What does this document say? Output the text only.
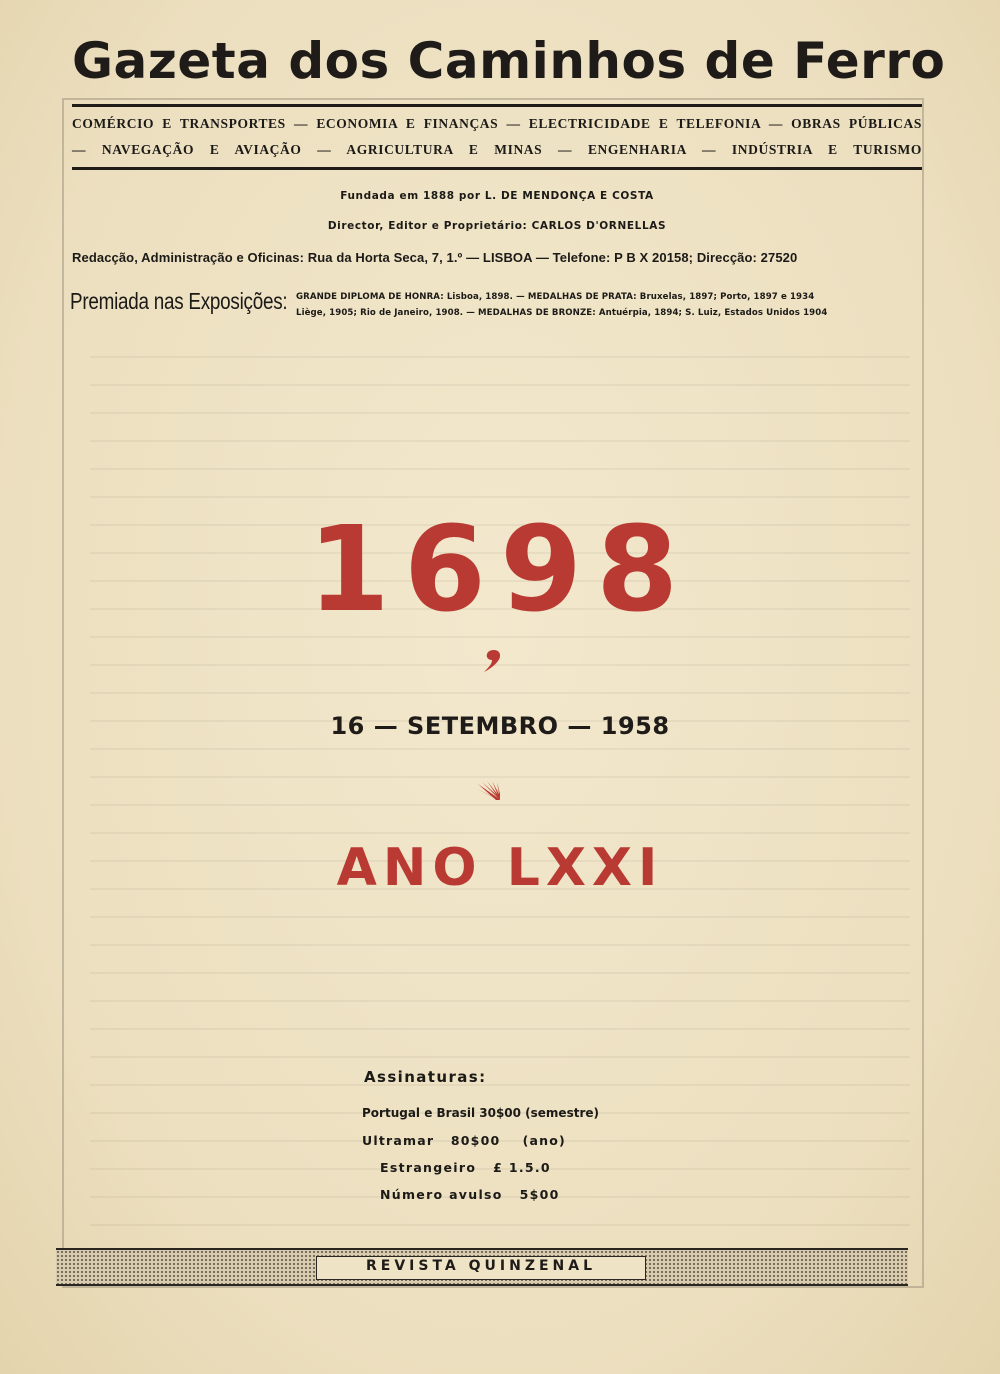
Gazeta dos Caminhos de Ferro
COMÉRCIO E TRANSPORTES — ECONOMIA E FINANÇAS — ELECTRICIDADE E TELEFONIA — OBRAS PÚBLICAS
— NAVEGAÇÃO E AVIAÇÃO — AGRICULTURA E MINAS — ENGENHARIA — INDÚSTRIA E TURISMO
Fundada em 1888 por L. DE MENDONÇA E COSTA
Director, Editor e Proprietário: CARLOS D'ORNELLAS
Redacção, Administração e Oficinas: Rua da Horta Seca, 7, 1.º — LISBOA — Telefone: P B X 20158; Direcção: 27520
Premiada nas Exposições: GRANDE DIPLOMA DE HONRA: Lisboa, 1898. — MEDALHAS DE PRATA: Bruxelas, 1897; Porto, 1897 e 1934
Liège, 1905; Rio de Janeiro, 1908. — MEDALHAS DE BRONZE: Antuérpia, 1894; S. Luiz, Estados Unidos 1904
1698
16 — SETEMBRO — 1958
ANO LXXI
Assinaturas:
Portugal e Brasil 30$00 (semestre)
Ultramar   80$00    (ano)
Estrangeiro   £ 1.5.0
Número avulso   5$00
REVISTA QUINZENAL
